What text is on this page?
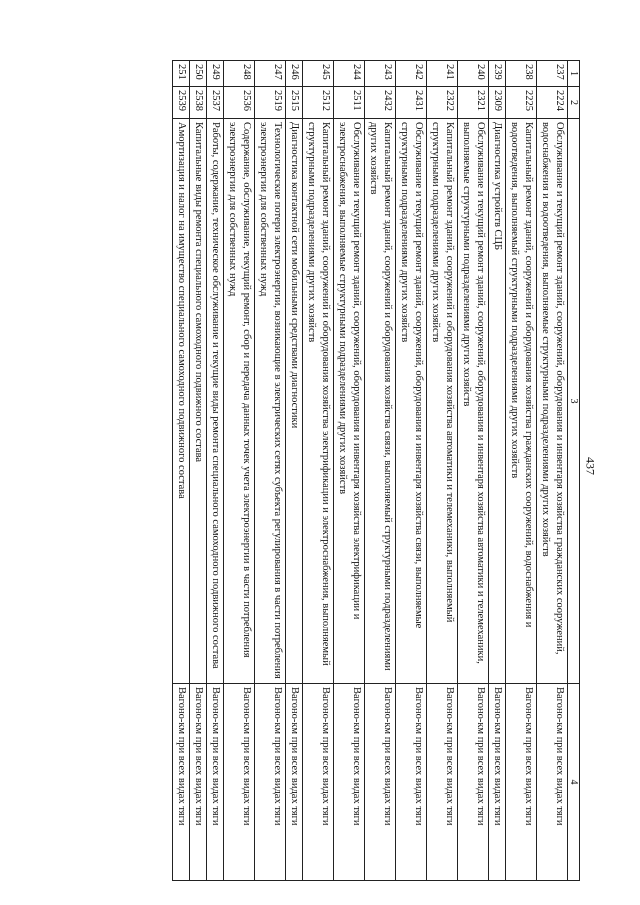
437
1	2	3	4
237	2224	Обслуживание и текущий ремонт зданий, сооружений, оборудования и инвентаря хозяйства гражданских сооружений, водоснабжения и водоотведения, выполняемые структурными подразделениями других хозяйств	Вагоно-км при всех видах тяги
238	2225	Капитальный ремонт зданий, сооружений и оборудования хозяйства гражданских сооружений, водоснабжения и водоотведения, выполняемый структурными подразделениями других хозяйств	Вагоно-км при всех видах тяги
239	2309	Диагностика устройств СЦБ	Вагоно-км при всех видах тяги
240	2321	Обслуживание и текущий ремонт зданий, сооружений, оборудования и инвентаря хозяйства автоматики и телемеханики, выполняемые структурными подразделениями других хозяйств	Вагоно-км при всех видах тяги
241	2322	Капитальный ремонт зданий, сооружений и оборудования хозяйства автоматики и телемеханики, выполняемый структурными подразделениями других хозяйств	Вагоно-км при всех видах тяги
242	2431	Обслуживание и текущий ремонт зданий, сооружений, оборудования и инвентаря хозяйства связи, выполняемые структурными подразделениями других хозяйств	Вагоно-км при всех видах тяги
243	2432	Капитальный ремонт зданий, сооружений и оборудования хозяйства связи, выполняемый структурными подразделениями других хозяйств	Вагоно-км при всех видах тяги
244	2511	Обслуживание и текущий ремонт зданий, сооружений, оборудования и инвентаря хозяйства электрификации и электроснабжения, выполняемые структурными подразделениями других хозяйств	Вагоно-км при всех видах тяги
245	2512	Капитальный ремонт зданий, сооружений и оборудования хозяйства электрификации и электроснабжения, выполняемый структурными подразделениями других хозяйств	Вагоно-км при всех видах тяги
246	2515	Диагностика контактной сети мобильными средствами диагностики	Вагоно-км при всех видах тяги
247	2519	Технологические потери электроэнергии, возникающие в электрических сетях субъекта регулирования в части потребления электроэнергии для собственных нужд	Вагоно-км при всех видах тяги
248	2536	Содержание, обслуживание, текущий ремонт, сбор и передача данных точек учета электроэнергии в части потребления электроэнергии для собственных нужд	Вагоно-км при всех видах тяги
249	2537	Работы, содержание, техническое обслуживание и текущие виды ремонта специального самоходного подвижного состава	Вагоно-км при всех видах тяги
250	2538	Капитальные виды ремонта специального самоходного подвижного состава	Вагоно-км при всех видах тяги
251	2539	Амортизация и налог на имущество специального самоходного подвижного состава	Вагоно-км при всех видах тяги
